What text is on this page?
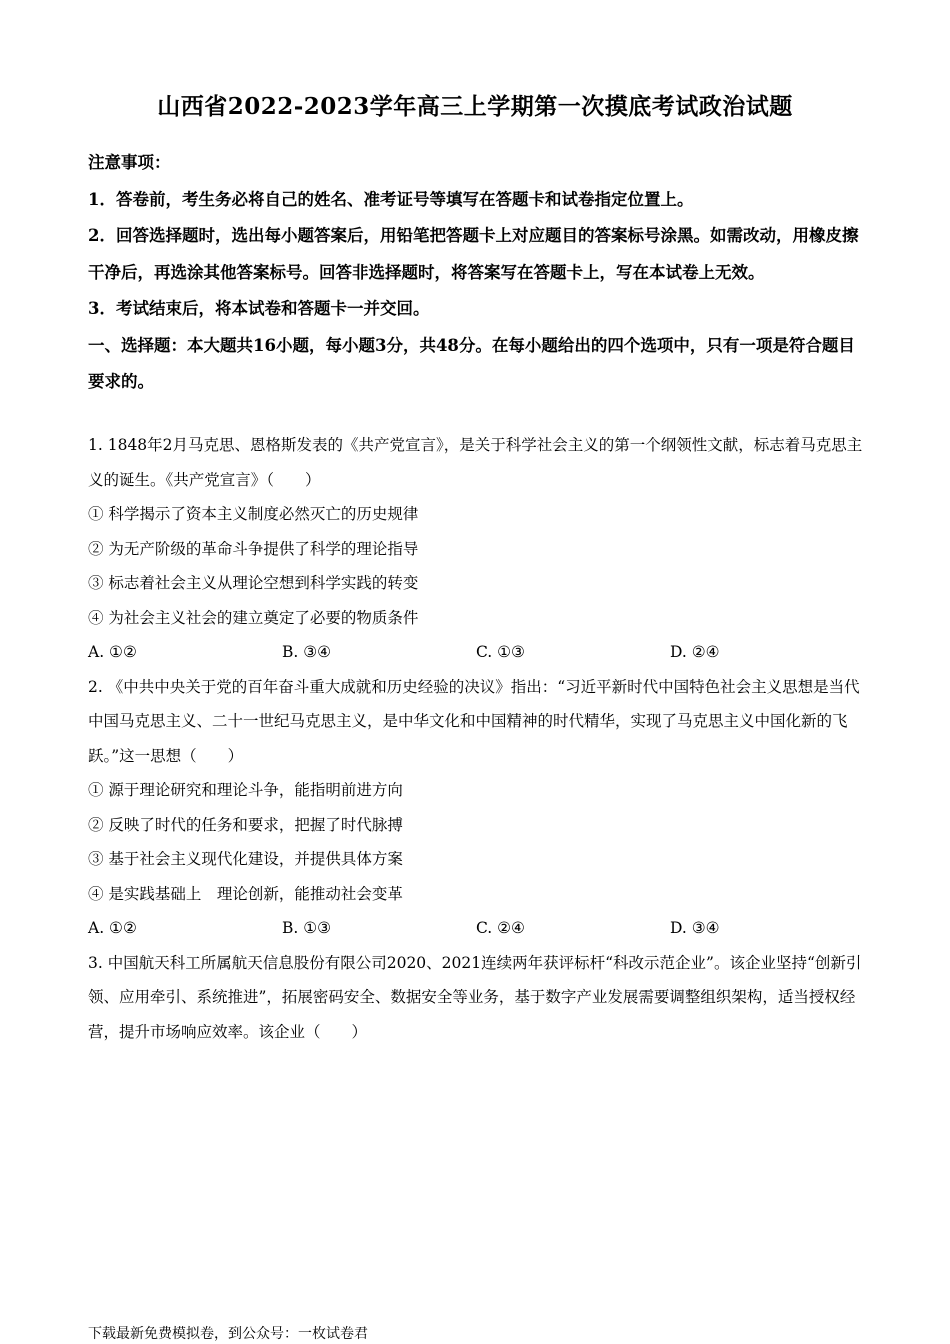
山西省2022-2023学年高三上学期第一次摸底考试政治试题

注意事项：

1．答卷前，考生务必将自己的姓名、准考证号等填写在答题卡和试卷指定位置上。

2．回答选择题时，选出每小题答案后，用铅笔把答题卡上对应题目的答案标号涂黑。如需改动，用橡皮擦干净后，再选涂其他答案标号。回答非选择题时，将答案写在答题卡上，写在本试卷上无效。

3．考试结束后，将本试卷和答题卡一并交回。

一、选择题：本大题共16小题，每小题3分，共48分。在每小题给出的四个选项中，只有一项是符合题目要求的。

1. 1848年2月马克思、恩格斯发表的《共产党宣言》，是关于科学社会主义的第一个纲领性文献，标志着马克思主义的诞生。《共产党宣言》（　　）

① 科学揭示了资本主义制度必然灭亡的历史规律

② 为无产阶级的革命斗争提供了科学的理论指导

③ 标志着社会主义从理论空想到科学实践的转变

④ 为社会主义社会的建立奠定了必要的物质条件

A. ①②	B. ③④	C. ①③	D. ②④

2. 《中共中央关于党的百年奋斗重大成就和历史经验的决议》指出：“习近平新时代中国特色社会主义思想是当代中国马克思主义、二十一世纪马克思主义，是中华文化和中国精神的时代精华，实现了马克思主义中国化新的飞跃。”这一思想（　　）

① 源于理论研究和理论斗争，能指明前进方向

② 反映了时代的任务和要求，把握了时代脉搏

③ 基于社会主义现代化建设，并提供具体方案

④ 是实践基础上　理论创新，能推动社会变革

A. ①②	B. ①③	C. ②④	D. ③④

3. 中国航天科工所属航天信息股份有限公司2020、2021连续两年获评标杆“科改示范企业”。该企业坚持“创新引领、应用牵引、系统推进”，拓展密码安全、数据安全等业务，基于数字产业发展需要调整组织架构，适当授权经营，提升市场响应效率。该企业（　　）

下载最新免费模拟卷，到公众号：一枚试卷君
